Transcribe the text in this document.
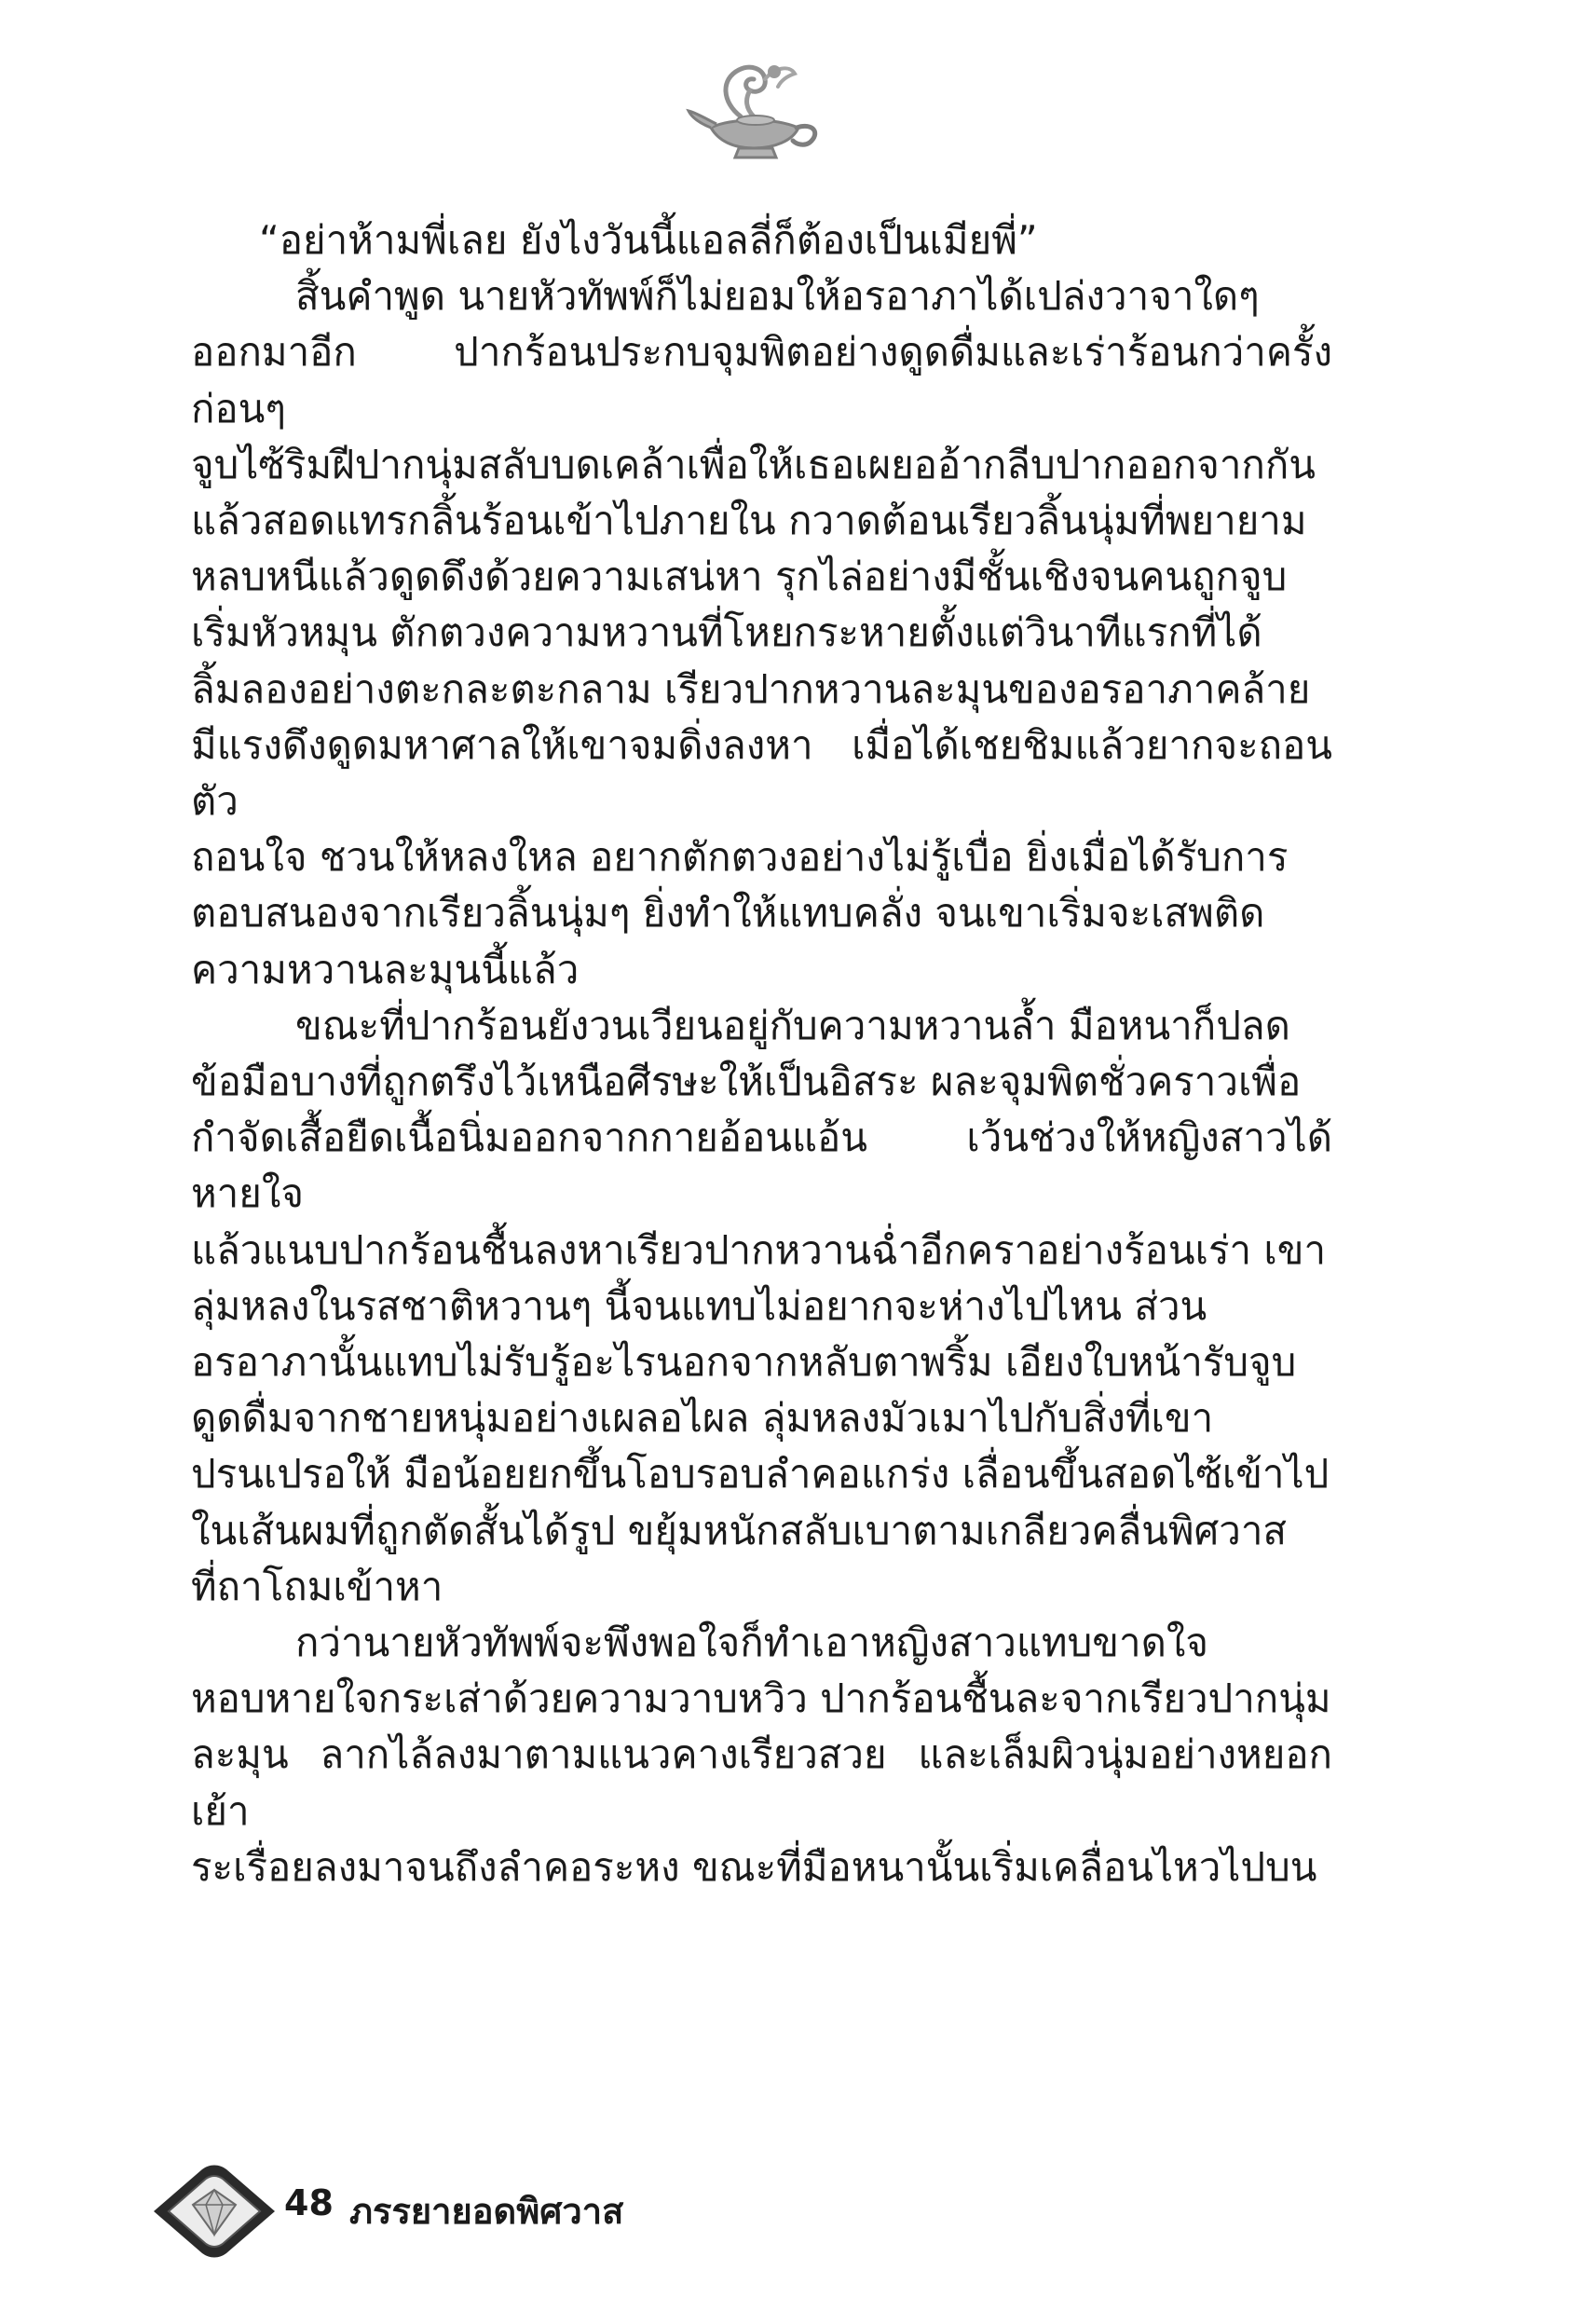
“อย่าห้ามพี่เลย ยังไงวันนี้แอลลี่ก็ต้องเป็นเมียพี่”

สิ้นคำพูด นายหัวทัพพ์ก็ไม่ยอมให้อรอาภาได้เปล่งวาจาใดๆ
ออกมาอีก ปากร้อนประกบจุมพิตอย่างดูดดื่มและเร่าร้อนกว่าครั้งก่อนๆ
จูบไซ้ริมฝีปากนุ่มสลับบดเคล้าเพื่อให้เธอเผยออ้ากลีบปากออกจากกัน
แล้วสอดแทรกลิ้นร้อนเข้าไปภายใน กวาดต้อนเรียวลิ้นนุ่มที่พยายาม
หลบหนีแล้วดูดดึงด้วยความเสน่หา รุกไล่อย่างมีชั้นเชิงจนคนถูกจูบ
เริ่มหัวหมุน ตักตวงความหวานที่โหยกระหายตั้งแต่วินาทีแรกที่ได้
ลิ้มลองอย่างตะกละตะกลาม เรียวปากหวานละมุนของอรอาภาคล้าย
มีแรงดึงดูดมหาศาลให้เขาจมดิ่งลงหา เมื่อได้เชยชิมแล้วยากจะถอนตัว
ถอนใจ ชวนให้หลงใหล อยากตักตวงอย่างไม่รู้เบื่อ ยิ่งเมื่อได้รับการ
ตอบสนองจากเรียวลิ้นนุ่มๆ ยิ่งทำให้แทบคลั่ง จนเขาเริ่มจะเสพติด
ความหวานละมุนนี้แล้ว

ขณะที่ปากร้อนยังวนเวียนอยู่กับความหวานล้ำ มือหนาก็ปลด
ข้อมือบางที่ถูกตรึงไว้เหนือศีรษะให้เป็นอิสระ ผละจุมพิตชั่วคราวเพื่อ
กำจัดเสื้อยืดเนื้อนิ่มออกจากกายอ้อนแอ้น เว้นช่วงให้หญิงสาวได้หายใจ
แล้วแนบปากร้อนชื้นลงหาเรียวปากหวานฉ่ำอีกคราอย่างร้อนเร่า เขา
ลุ่มหลงในรสชาติหวานๆ นี้จนแทบไม่อยากจะห่างไปไหน ส่วน
อรอาภานั้นแทบไม่รับรู้อะไรนอกจากหลับตาพริ้ม เอียงใบหน้ารับจูบ
ดูดดื่มจากชายหนุ่มอย่างเผลอไผล ลุ่มหลงมัวเมาไปกับสิ่งที่เขา
ปรนเปรอให้ มือน้อยยกขึ้นโอบรอบลำคอแกร่ง เลื่อนขึ้นสอดไซ้เข้าไป
ในเส้นผมที่ถูกตัดสั้นได้รูป ขยุ้มหนักสลับเบาตามเกลียวคลื่นพิศวาส
ที่ถาโถมเข้าหา

กว่านายหัวทัพพ์จะพึงพอใจก็ทำเอาหญิงสาวแทบขาดใจ
หอบหายใจกระเส่าด้วยความวาบหวิว ปากร้อนชื้นละจากเรียวปากนุ่ม
ละมุน ลากไล้ลงมาตามแนวคางเรียวสวย และเล็มผิวนุ่มอย่างหยอกเย้า
ระเรื่อยลงมาจนถึงลำคอระหง ขณะที่มือหนานั้นเริ่มเคลื่อนไหวไปบน

48 ภรรยายอดพิศวาส
